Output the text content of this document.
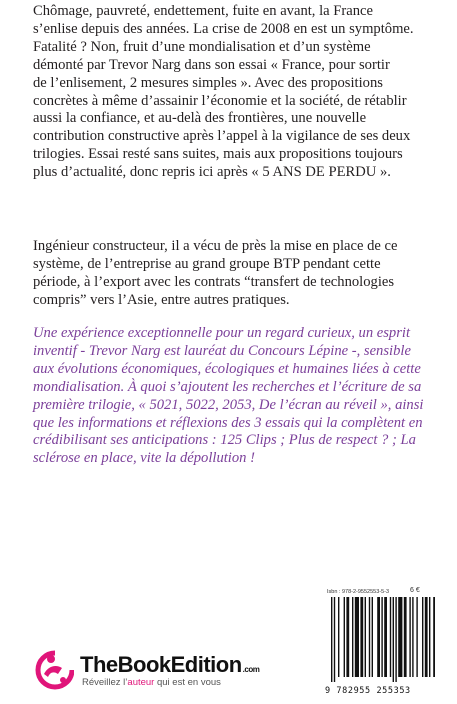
Chômage, pauvreté, endettement, fuite en avant, la France
s’enlise depuis des années. La crise de 2008 en est un symptôme.
Fatalité ? Non, fruit d’une mondialisation et d’un système
démonté par Trevor Narg dans son essai « France, pour sortir
de l’enlisement, 2 mesures simples ». Avec des propositions
concrètes à même d’assainir l’économie et la société, de rétablir
aussi la confiance, et au-delà des frontières, une nouvelle
contribution constructive après l’appel à la vigilance de ses deux
trilogies. Essai resté sans suites, mais aux propositions toujours
plus d’actualité, donc repris ici après « 5 ANS DE PERDU ».

Ingénieur constructeur, il a vécu de près la mise en place de ce
système, de l’entreprise au grand groupe BTP pendant cette
période, à l’export avec les contrats “transfert de technologies
compris” vers l’Asie, entre autres pratiques.

Une expérience exceptionnelle pour un regard curieux, un esprit
inventif - Trevor Narg est lauréat du Concours Lépine -, sensible
aux évolutions économiques, écologiques et humaines liées à cette
mondialisation. À quoi s’ajoutent les recherches et l’écriture de sa
première trilogie, « 5021, 5022, 2053, De l’écran au réveil », ainsi
que les informations et réflexions des 3 essais qui la complètent en
crédibilisant ses anticipations : 125 Clips ; Plus de respect ? ; La
sclérose en place, vite la dépollution !

Isbn : 978-2-9552553-5-3	6 €
9 782955 255353
TheBookEdition.com
Réveillez l’auteur qui est en vous
